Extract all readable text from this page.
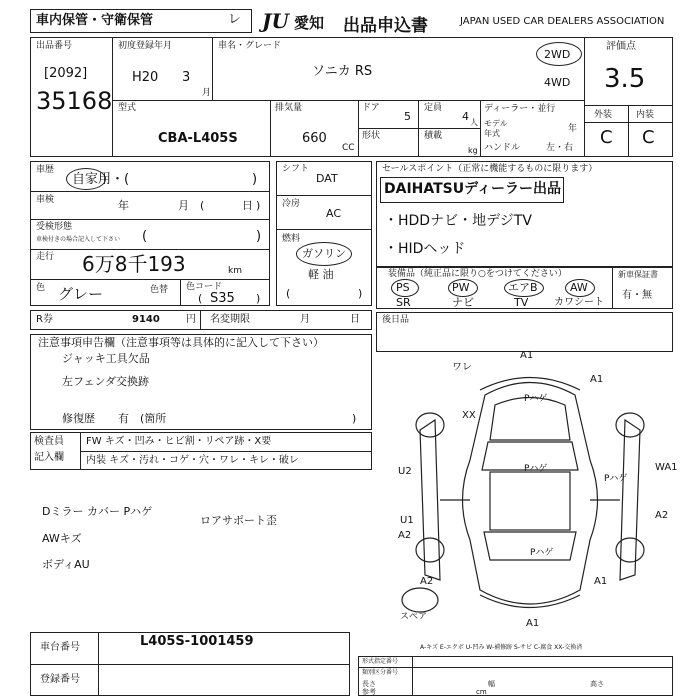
車内保管・守衛保管	レ JU 愛知 出品申込書	JAPAN USED CAR DEALERS ASSOCIATION
出品番号
[2092]
35168
初度登録年月
H20 3
月
車名・グレード
ソニカ RS
2WD
4WD
評価点
3.5
外装	内装
C C
型式
CBA-L405S
排気量
660
CC
ドア
5
定員
4 人
形状	積載
kg
ディーラー・並行
モデル年式	年
ハンドル	左・右
車歴
自家用・(	)
車検	年	月 (	日 )
受検形態
車検付きの場合記入して下さい (	)
走行 6万8千193	km
色 グレー	色替 色コード
S35
(	)
シフト
DAT
冷房
AC
燃料
ガソリン
軽 油
(	)
セールスポイント（正常に機能するものに限ります）
DAIHATSUディーラー出品
・HDDナビ・地デジTV
・HIDヘッド
装備品（純正品に限り○をつけてください）
PS	PW	エアB	AW
SR	ナビ	TV	カワシート
新車保証書
有・無
R券	9140	円 名変期限	月	日 後日品
注意事項申告欄（注意事項等は具体的に記入して下さい）
ジャッキ工具欠品
左フェンダ交換跡
修復歴 有 (箇所	)
検査員
記入欄
FW キズ・凹み・ヒビ割・リペア跡・X要
内装 キズ・汚れ・コゲ・穴・ワレ・キレ・破レ
Dミラー カバー Pハゲ
ロアサポート歪
AWキズ
ボディAU
ワレ
A1
A1
XX
Pハゲ
Pハゲ
Pハゲ
U2	WA1
U1
A2
A2
A2	A1
A1
Pハゲ
スペア
A-キズ E-エクボ U-凹み W-補修跡 S-サビ C-腐食 XX-交換済
車台番号	L405S-1001459
登録番号
形式指定番号
類別区分番号
長さ	幅	高さ
参考	cm
